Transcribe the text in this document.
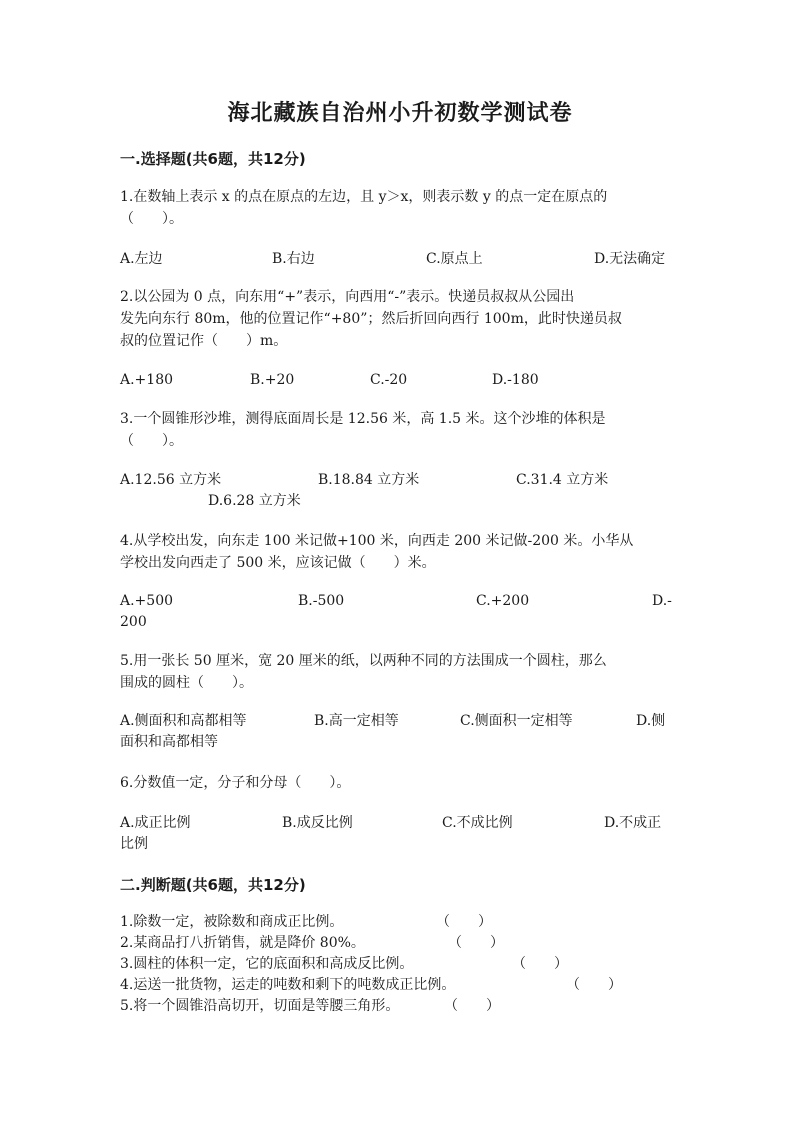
海北藏族自治州小升初数学测试卷
一.选择题(共6题，共12分)
1.在数轴上表示 x 的点在原点的左边，且 y＞x，则表示数 y 的点一定在原点的
（　　）。
A.左边	B.右边	C.原点上	D.无法确定
2.以公园为 0 点，向东用“+”表示，向西用“-”表示。快递员叔叔从公园出
发先向东行 80m，他的位置记作“+80”；然后折回向西行 100m，此时快递员叔
叔的位置记作（　　）m。
A.+180	B.+20	C.-20	D.-180
3.一个圆锥形沙堆，测得底面周长是 12.56 米，高 1.5 米。这个沙堆的体积是
（　　）。
A.12.56 立方米	B.18.84 立方米	C.31.4 立方米
D.6.28 立方米
4.从学校出发，向东走 100 米记做+100 米，向西走 200 米记做-200 米。小华从
学校出发向西走了 500 米，应该记做（　　）米。
A.+500	B.-500	C.+200	D.-
200
5.用一张长 50 厘米，宽 20 厘米的纸，以两种不同的方法围成一个圆柱，那么
围成的圆柱（　　）。
A.侧面积和高都相等	B.高一定相等	C.侧面积一定相等	D.侧
面积和高都相等
6.分数值一定，分子和分母（　　）。
A.成正比例	B.成反比例	C.不成比例	D.不成正
比例
二.判断题(共6题，共12分)
1.除数一定，被除数和商成正比例。	（　　）
2.某商品打八折销售，就是降价 80%。	（　　）
3.圆柱的体积一定，它的底面积和高成反比例。	（　　）
4.运送一批货物，运走的吨数和剩下的吨数成正比例。	（　　）
5.将一个圆锥沿高切开，切面是等腰三角形。	（　　）
